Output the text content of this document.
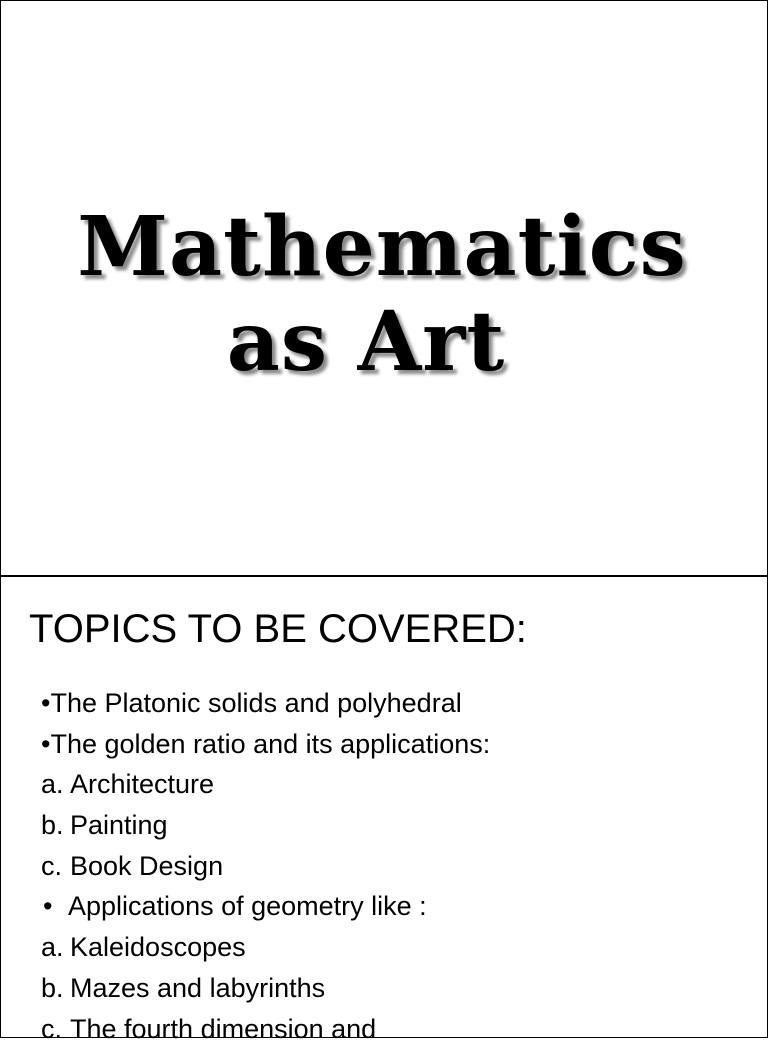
Mathematics
as Art
TOPICS TO BE COVERED:
•The Platonic solids and polyhedral
•The golden ratio and its applications:
a. Architecture
b. Painting
c. Book Design
• Applications of geometry like :
a. Kaleidoscopes
b. Mazes and labyrinths
c. The fourth dimension and
